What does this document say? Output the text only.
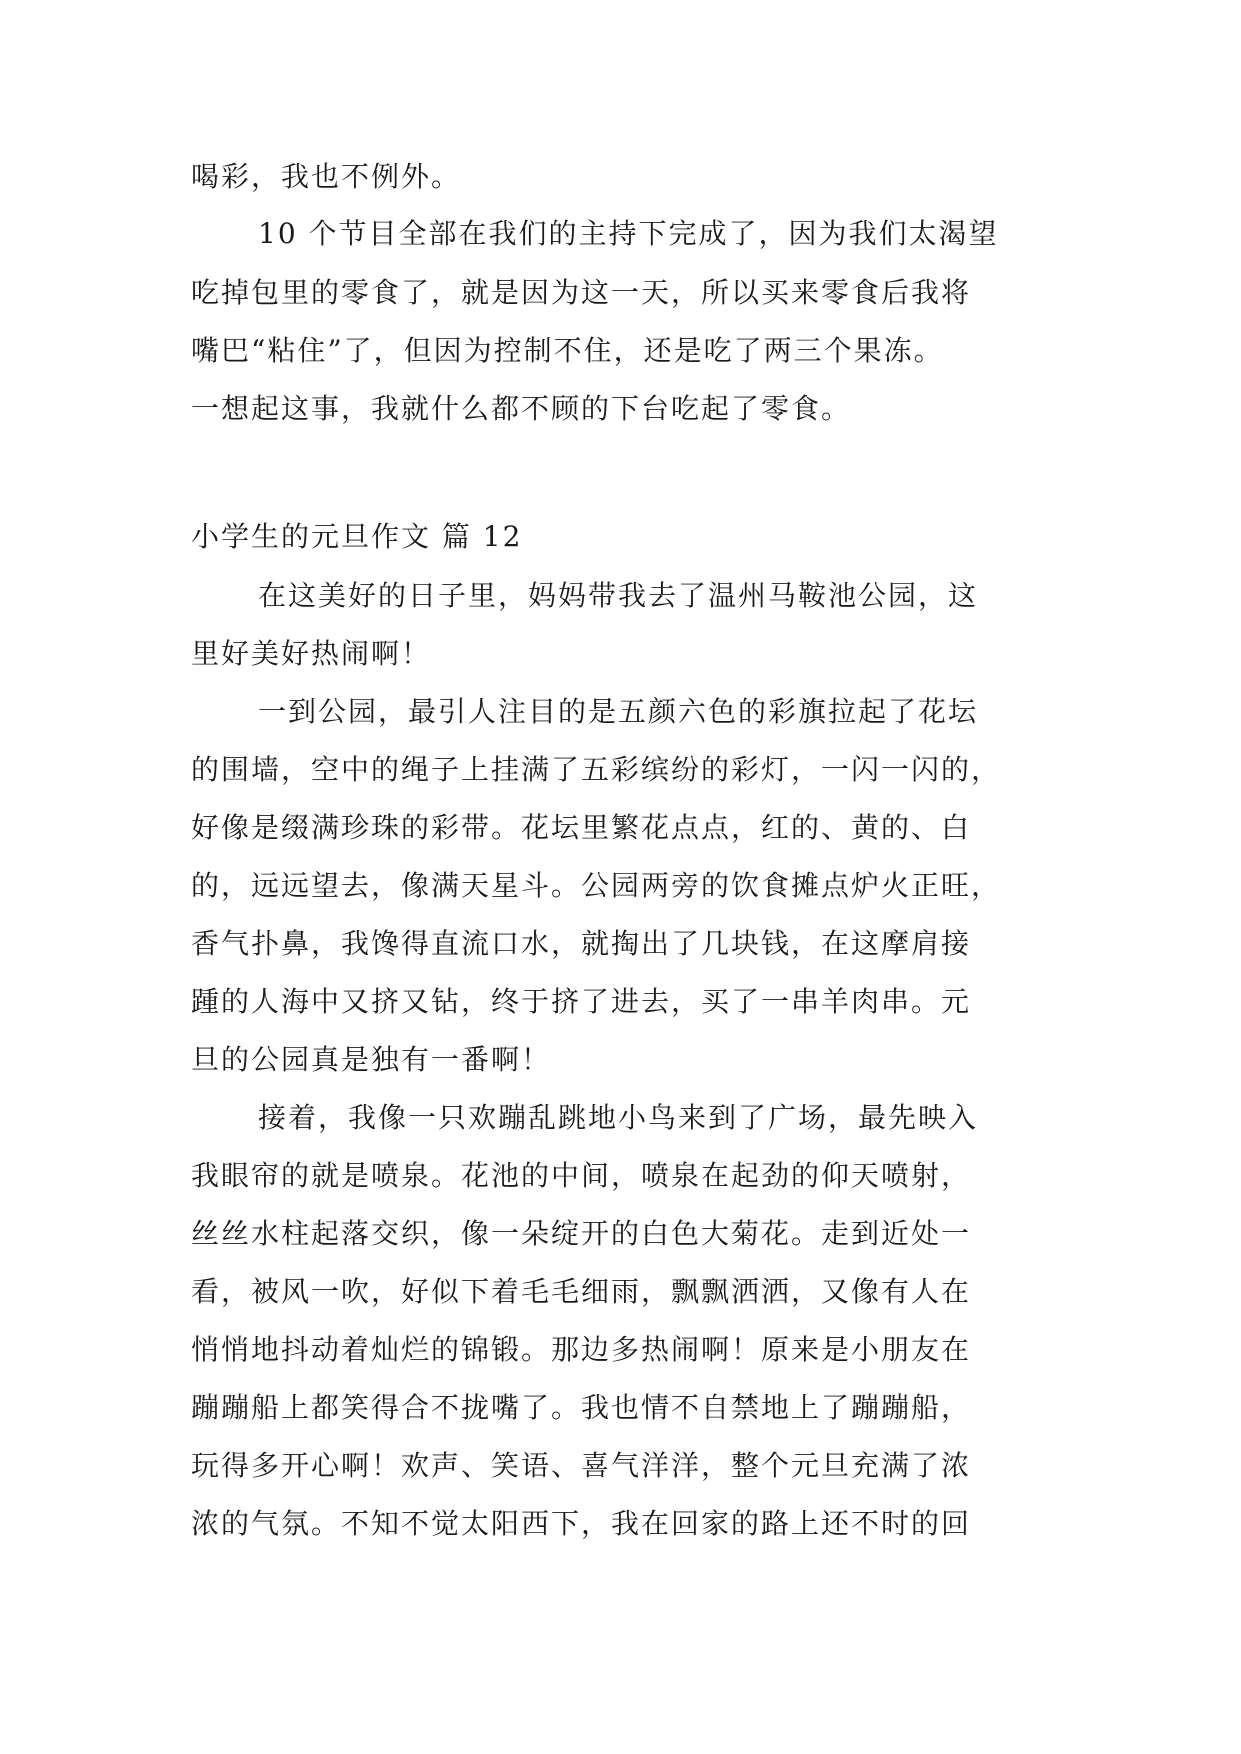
喝彩，我也不例外。
10 个节目全部在我们的主持下完成了，因为我们太渴望
吃掉包里的零食了，就是因为这一天，所以买来零食后我将
嘴巴“粘住”了，但因为控制不住，还是吃了两三个果冻。
一想起这事，我就什么都不顾的下台吃起了零食。
小学生的元旦作文 篇 12
在这美好的日子里，妈妈带我去了温州马鞍池公园，这
里好美好热闹啊！
一到公园，最引人注目的是五颜六色的彩旗拉起了花坛
的围墙，空中的绳子上挂满了五彩缤纷的彩灯，一闪一闪的，
好像是缀满珍珠的彩带。花坛里繁花点点，红的、黄的、白
的，远远望去，像满天星斗。公园两旁的饮食摊点炉火正旺，
香气扑鼻，我馋得直流口水，就掏出了几块钱，在这摩肩接
踵的人海中又挤又钻，终于挤了进去，买了一串羊肉串。元
旦的公园真是独有一番啊！
接着，我像一只欢蹦乱跳地小鸟来到了广场，最先映入
我眼帘的就是喷泉。花池的中间，喷泉在起劲的仰天喷射，
丝丝水柱起落交织，像一朵绽开的白色大菊花。走到近处一
看，被风一吹，好似下着毛毛细雨，飘飘洒洒，又像有人在
悄悄地抖动着灿烂的锦锻。那边多热闹啊！原来是小朋友在
蹦蹦船上都笑得合不拢嘴了。我也情不自禁地上了蹦蹦船，
玩得多开心啊！欢声、笑语、喜气洋洋，整个元旦充满了浓
浓的气氛。不知不觉太阳西下，我在回家的路上还不时的回
